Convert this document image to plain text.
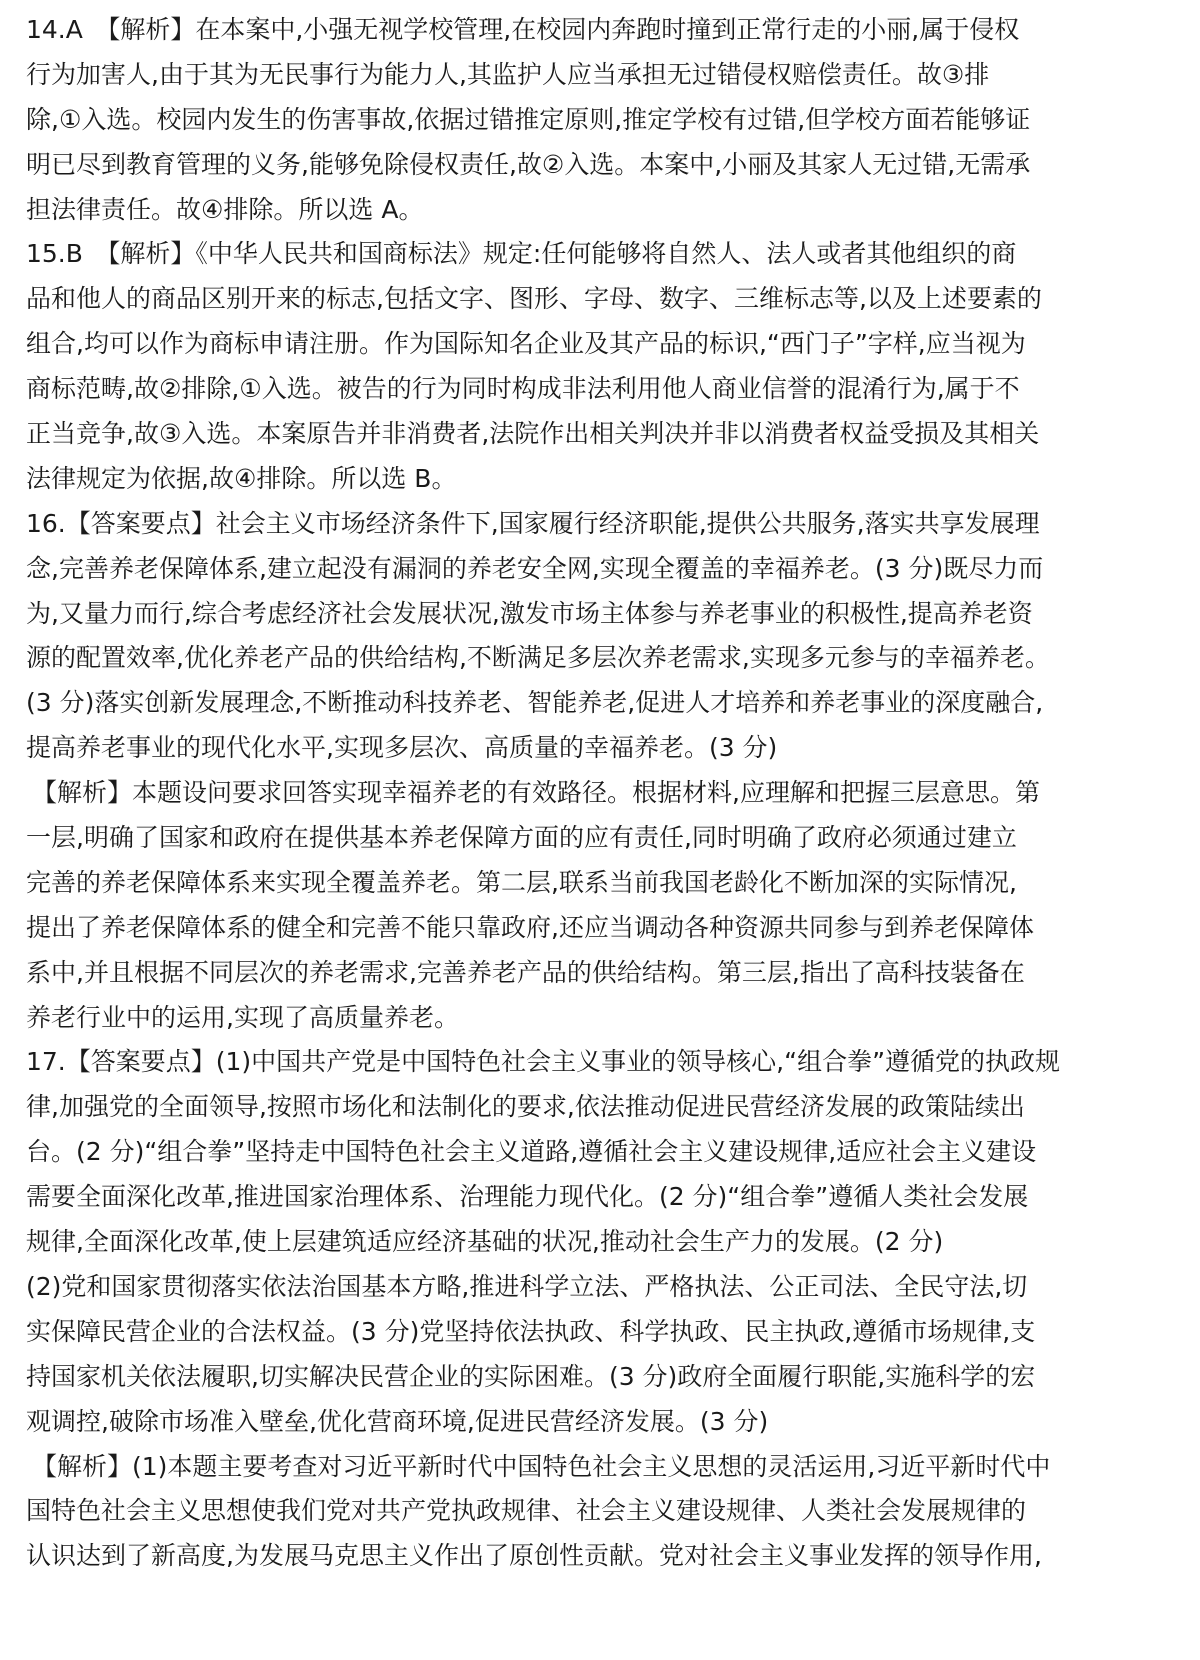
14.A　【解析】在本案中,小强无视学校管理,在校园内奔跑时撞到正常行走的小丽,属于侵权
行为加害人,由于其为无民事行为能力人,其监护人应当承担无过错侵权赔偿责任。故③排
除,①入选。校园内发生的伤害事故,依据过错推定原则,推定学校有过错,但学校方面若能够证
明已尽到教育管理的义务,能够免除侵权责任,故②入选。本案中,小丽及其家人无过错,无需承
担法律责任。故④排除。所以选 A。
15.B　【解析】《中华人民共和国商标法》规定:任何能够将自然人、法人或者其他组织的商
品和他人的商品区别开来的标志,包括文字、图形、字母、数字、三维标志等,以及上述要素的
组合,均可以作为商标申请注册。作为国际知名企业及其产品的标识,“西门子”字样,应当视为
商标范畴,故②排除,①入选。被告的行为同时构成非法利用他人商业信誉的混淆行为,属于不
正当竞争,故③入选。本案原告并非消费者,法院作出相关判决并非以消费者权益受损及其相关
法律规定为依据,故④排除。所以选 B。
16.【答案要点】社会主义市场经济条件下,国家履行经济职能,提供公共服务,落实共享发展理
念,完善养老保障体系,建立起没有漏洞的养老安全网,实现全覆盖的幸福养老。(3 分)既尽力而
为,又量力而行,综合考虑经济社会发展状况,激发市场主体参与养老事业的积极性,提高养老资
源的配置效率,优化养老产品的供给结构,不断满足多层次养老需求,实现多元参与的幸福养老。
(3 分)落实创新发展理念,不断推动科技养老、智能养老,促进人才培养和养老事业的深度融合,
提高养老事业的现代化水平,实现多层次、高质量的幸福养老。(3 分)
【解析】本题设问要求回答实现幸福养老的有效路径。根据材料,应理解和把握三层意思。第
一层,明确了国家和政府在提供基本养老保障方面的应有责任,同时明确了政府必须通过建立
完善的养老保障体系来实现全覆盖养老。第二层,联系当前我国老龄化不断加深的实际情况,
提出了养老保障体系的健全和完善不能只靠政府,还应当调动各种资源共同参与到养老保障体
系中,并且根据不同层次的养老需求,完善养老产品的供给结构。第三层,指出了高科技装备在
养老行业中的运用,实现了高质量养老。
17.【答案要点】(1)中国共产党是中国特色社会主义事业的领导核心,“组合拳”遵循党的执政规
律,加强党的全面领导,按照市场化和法制化的要求,依法推动促进民营经济发展的政策陆续出
台。(2 分)“组合拳”坚持走中国特色社会主义道路,遵循社会主义建设规律,适应社会主义建设
需要全面深化改革,推进国家治理体系、治理能力现代化。(2 分)“组合拳”遵循人类社会发展
规律,全面深化改革,使上层建筑适应经济基础的状况,推动社会生产力的发展。(2 分)
(2)党和国家贯彻落实依法治国基本方略,推进科学立法、严格执法、公正司法、全民守法,切
实保障民营企业的合法权益。(3 分)党坚持依法执政、科学执政、民主执政,遵循市场规律,支
持国家机关依法履职,切实解决民营企业的实际困难。(3 分)政府全面履行职能,实施科学的宏
观调控,破除市场准入壁垒,优化营商环境,促进民营经济发展。(3 分)
【解析】(1)本题主要考查对习近平新时代中国特色社会主义思想的灵活运用,习近平新时代中
国特色社会主义思想使我们党对共产党执政规律、社会主义建设规律、人类社会发展规律的
认识达到了新高度,为发展马克思主义作出了原创性贡献。党对社会主义事业发挥的领导作用,
